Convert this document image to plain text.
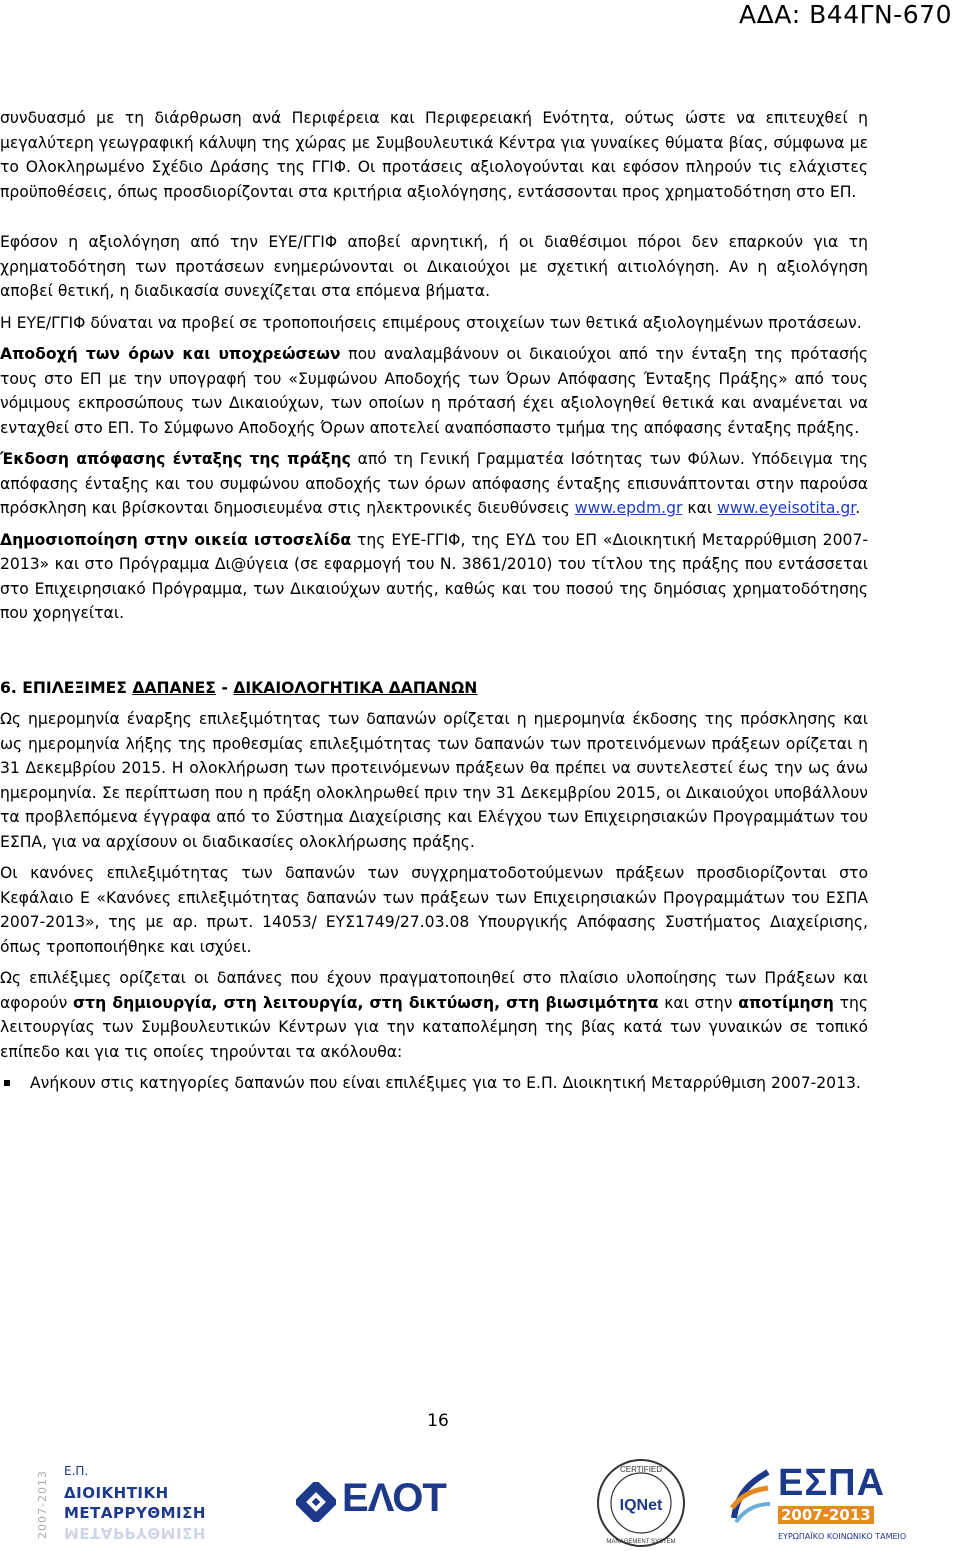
ΑΔΑ: Β44ΓΝ-670

συνδυασμό με τη διάρθρωση ανά Περιφέρεια και Περιφερειακή Ενότητα, ούτως ώστε να επιτευχθεί η μεγαλύτερη γεωγραφική κάλυψη της χώρας με Συμβουλευτικά Κέντρα για γυναίκες θύματα βίας, σύμφωνα με το Ολοκληρωμένο Σχέδιο Δράσης της ΓΓΙΦ. Οι προτάσεις αξιολογούνται και εφόσον πληρούν τις ελάχιστες προϋποθέσεις, όπως προσδιορίζονται στα κριτήρια αξιολόγησης, εντάσσονται προς χρηματοδότηση στο ΕΠ.

Εφόσον η αξιολόγηση από την ΕΥΕ/ΓΓΙΦ αποβεί αρνητική, ή οι διαθέσιμοι πόροι δεν επαρκούν για τη χρηματοδότηση των προτάσεων ενημερώνονται οι Δικαιούχοι με σχετική αιτιολόγηση. Αν η αξιολόγηση αποβεί θετική, η διαδικασία συνεχίζεται στα επόμενα βήματα.

Η ΕΥΕ/ΓΓΙΦ δύναται να προβεί σε τροποποιήσεις επιμέρους στοιχείων των θετικά αξιολογημένων προτάσεων.

Αποδοχή των όρων και υποχρεώσεων που αναλαμβάνουν οι δικαιούχοι από την ένταξη της πρότασής τους στο ΕΠ με την υπογραφή του «Συμφώνου Αποδοχής των Όρων Απόφασης Ένταξης Πράξης» από τους νόμιμους εκπροσώπους των Δικαιούχων, των οποίων η πρότασή έχει αξιολογηθεί θετικά και αναμένεται να ενταχθεί στο ΕΠ. Το Σύμφωνο Αποδοχής Όρων αποτελεί αναπόσπαστο τμήμα της απόφασης ένταξης πράξης.

Έκδοση απόφασης ένταξης της πράξης από τη Γενική Γραμματέα Ισότητας των Φύλων. Υπόδειγμα της απόφασης ένταξης και του συμφώνου αποδοχής των όρων απόφασης ένταξης επισυνάπτονται στην παρούσα πρόσκληση και βρίσκονται δημοσιευμένα στις ηλεκτρονικές διευθύνσεις www.epdm.gr και www.eyeisotita.gr.

Δημοσιοποίηση στην οικεία ιστοσελίδα της ΕΥΕ-ΓΓΙΦ, της ΕΥΔ του ΕΠ «Διοικητική Μεταρρύθμιση 2007-2013» και στο Πρόγραμμα Δι@ύγεια (σε εφαρμογή του Ν. 3861/2010) του τίτλου της πράξης που εντάσσεται στο Επιχειρησιακό Πρόγραμμα, των Δικαιούχων αυτής, καθώς και του ποσού της δημόσιας χρηματοδότησης που χορηγείται.

6. ΕΠΙΛΕΞΙΜΕΣ ΔΑΠΑΝΕΣ - ΔΙΚΑΙΟΛΟΓΗΤΙΚΑ ΔΑΠΑΝΩΝ

Ως ημερομηνία έναρξης επιλεξιμότητας των δαπανών ορίζεται η ημερομηνία έκδοσης της πρόσκλησης και ως ημερομηνία λήξης της προθεσμίας επιλεξιμότητας των δαπανών των προτεινόμενων πράξεων ορίζεται η 31 Δεκεμβρίου 2015. Η ολοκλήρωση των προτεινόμενων πράξεων θα πρέπει να συντελεστεί έως την ως άνω ημερομηνία. Σε περίπτωση που η πράξη ολοκληρωθεί πριν την 31 Δεκεμβρίου 2015, οι Δικαιούχοι υποβάλλουν τα προβλεπόμενα έγγραφα από το Σύστημα Διαχείρισης και Ελέγχου των Επιχειρησιακών Προγραμμάτων του ΕΣΠΑ, για να αρχίσουν οι διαδικασίες ολοκλήρωσης πράξης.

Οι κανόνες επιλεξιμότητας των δαπανών των συγχρηματοδοτούμενων πράξεων προσδιορίζονται στο Κεφάλαιο Ε «Κανόνες επιλεξιμότητας δαπανών των πράξεων των Επιχειρησιακών Προγραμμάτων του ΕΣΠΑ 2007-2013», της με αρ. πρωτ. 14053/ ΕΥΣ1749/27.03.08 Υπουργικής Απόφασης Συστήματος Διαχείρισης, όπως τροποποιήθηκε και ισχύει.

Ως επιλέξιμες ορίζεται οι δαπάνες που έχουν πραγματοποιηθεί στο πλαίσιο υλοποίησης των Πράξεων και αφορούν στη δημιουργία, στη λειτουργία, στη δικτύωση, στη βιωσιμότητα και στην αποτίμηση της λειτουργίας των Συμβουλευτικών Κέντρων για την καταπολέμηση της βίας κατά των γυναικών σε τοπικό επίπεδο και για τις οποίες τηρούνται τα ακόλουθα:

Ανήκουν στις κατηγορίες δαπανών που είναι επιλέξιμες για το Ε.Π. Διοικητική Μεταρρύθμιση 2007-2013.
16
2007-2013 Ε.Π.
ΔΙΟΙΚΗΤΙΚΗ
ΜΕΤΑΡΡΥΘΜΙΣΗ
ΜΕΤΑΡΡΥΘΜΙΣΗ
ΕΛΟΤ
CERTIFIED
IQNet
MANAGEMENT SYSTEM
ΕΣΠΑ
2007-2013
ΕΥΡΩΠΑΪΚΟ ΚΟΙΝΩΝΙΚΟ ΤΑΜΕΙΟ
